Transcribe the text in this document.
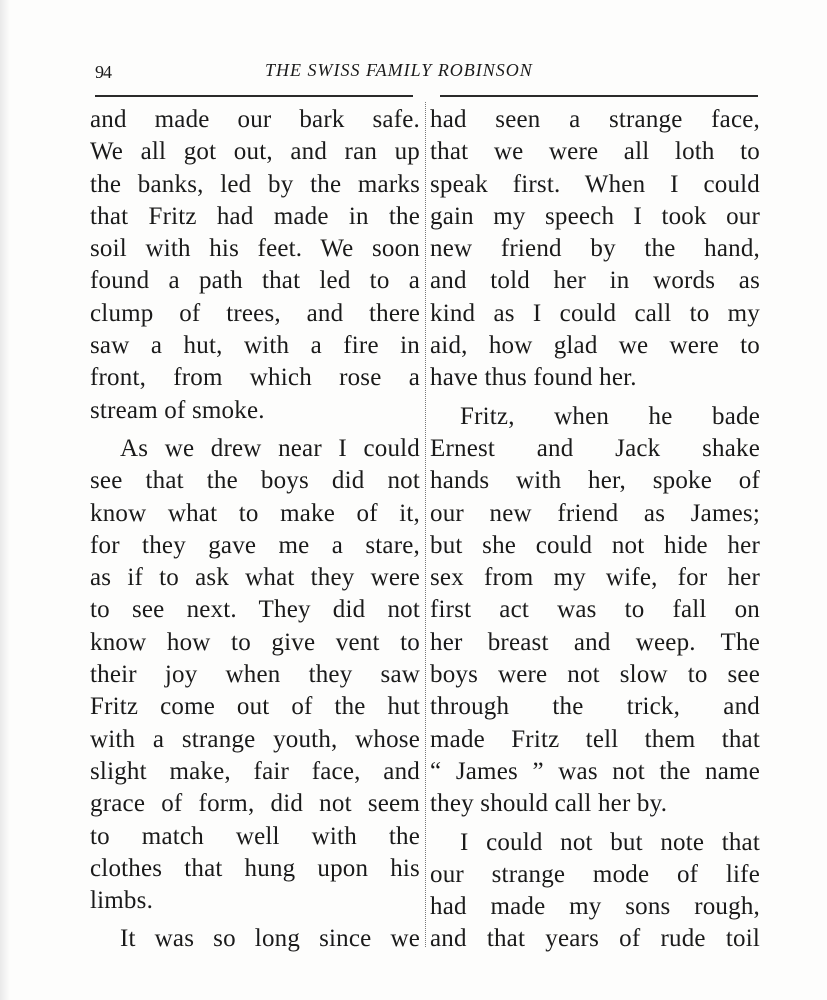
94	THE SWISS FAMILY ROBINSON
and made our bark safe.
We all got out, and ran up
the banks, led by the marks
that Fritz had made in the
soil with his feet. We soon
found a path that led to a
clump of trees, and there
saw a hut, with a fire in
front, from which rose a
stream of smoke.
As we drew near I could
see that the boys did not
know what to make of it,
for they gave me a stare,
as if to ask what they were
to see next. They did not
know how to give vent to
their joy when they saw
Fritz come out of the hut
with a strange youth, whose
slight make, fair face, and
grace of form, did not seem
to match well with the
clothes that hung upon his
limbs.
It was so long since we
had seen a strange face,
that we were all loth to
speak first. When I could
gain my speech I took our
new friend by the hand,
and told her in words as
kind as I could call to my
aid, how glad we were to
have thus found her.
Fritz, when he bade
Ernest and Jack shake
hands with her, spoke of
our new friend as James;
but she could not hide her
sex from my wife, for her
first act was to fall on
her breast and weep. The
boys were not slow to see
through the trick, and
made Fritz tell them that
“ James ” was not the name
they should call her by.
I could not but note that
our strange mode of life
had made my sons rough,
and that years of rude toil
